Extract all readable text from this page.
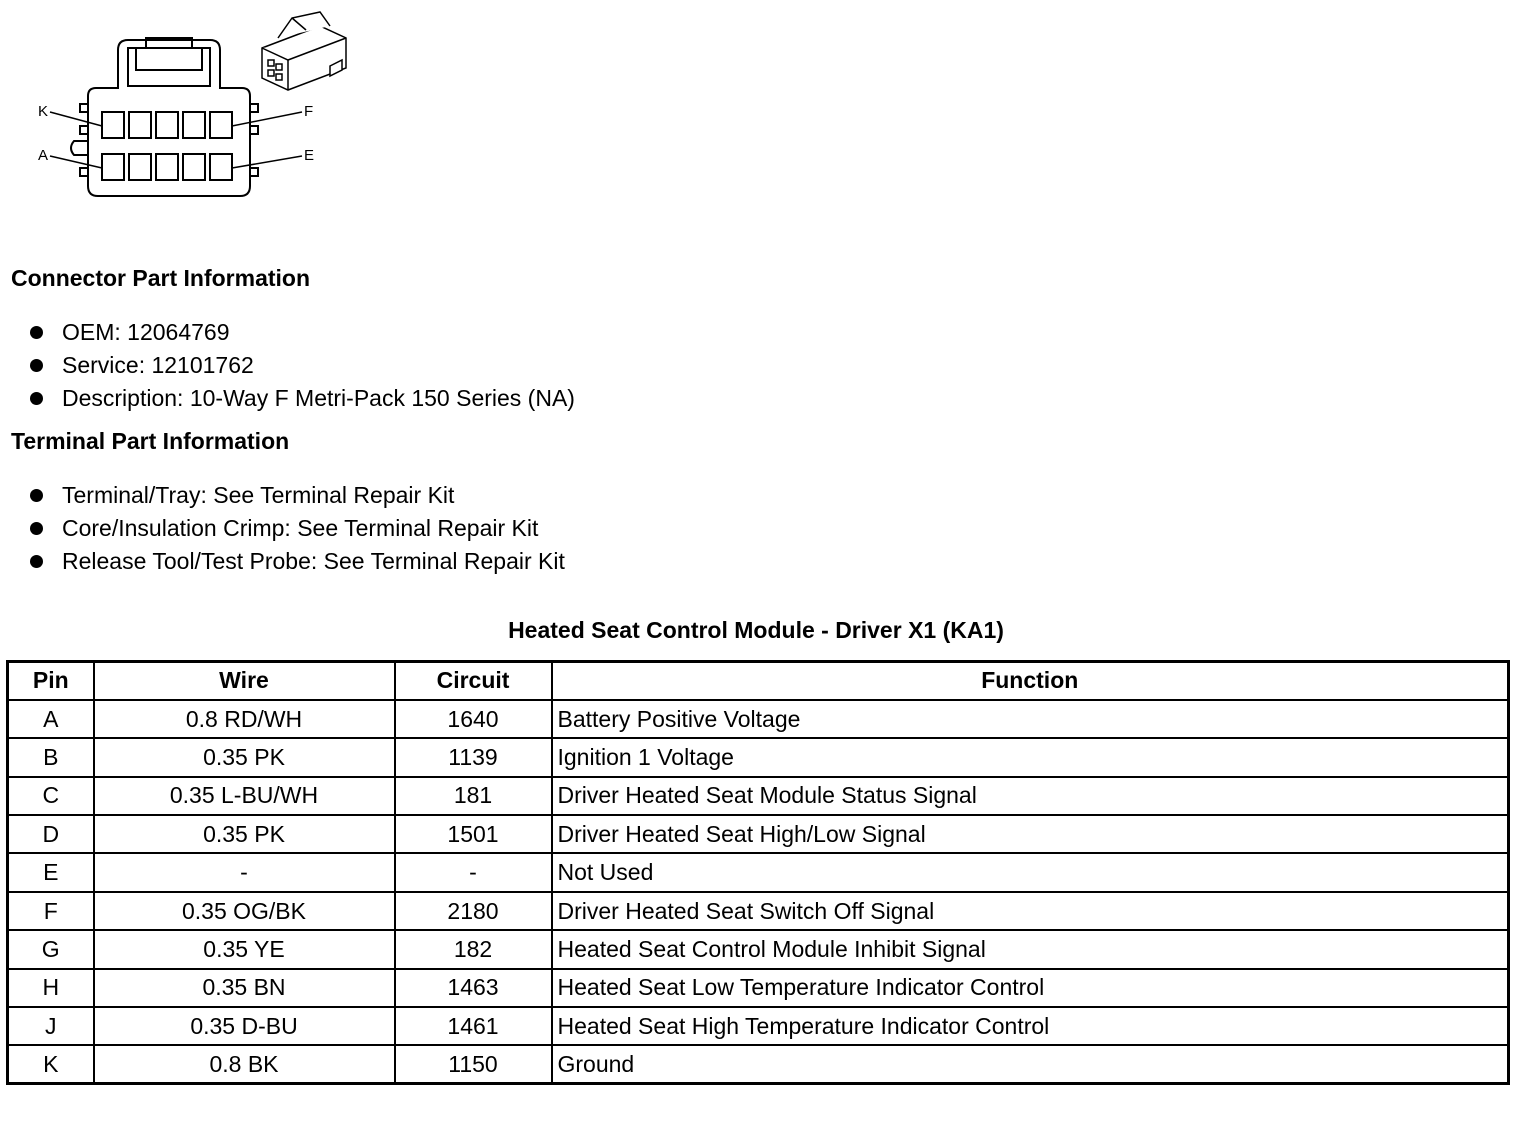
K
A
F
E
Connector Part Information
OEM: 12064769
Service: 12101762
Description: 10-Way F Metri-Pack 150 Series (NA)
Terminal Part Information
Terminal/Tray: See Terminal Repair Kit
Core/Insulation Crimp: See Terminal Repair Kit
Release Tool/Test Probe: See Terminal Repair Kit
Heated Seat Control Module - Driver X1 (KA1)
Pin	Wire	Circuit	Function
A	0.8 RD/WH	1640	Battery Positive Voltage
B	0.35 PK	1139	Ignition 1 Voltage
C	0.35 L-BU/WH	181	Driver Heated Seat Module Status Signal
D	0.35 PK	1501	Driver Heated Seat High/Low Signal
E	-	-	Not Used
F	0.35 OG/BK	2180	Driver Heated Seat Switch Off Signal
G	0.35 YE	182	Heated Seat Control Module Inhibit Signal
H	0.35 BN	1463	Heated Seat Low Temperature Indicator Control
J	0.35 D-BU	1461	Heated Seat High Temperature Indicator Control
K	0.8 BK	1150	Ground
